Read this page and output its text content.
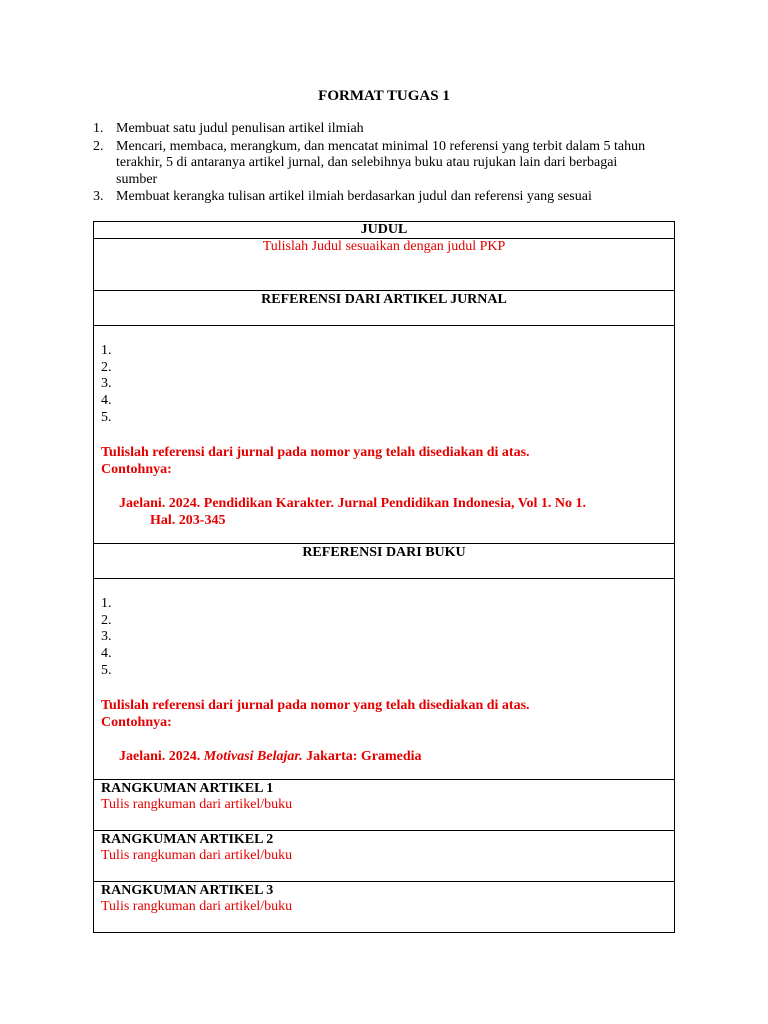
FORMAT TUGAS 1
1. Membuat satu judul penulisan artikel ilmiah
2. Mencari, membaca, merangkum, dan mencatat minimal 10 referensi yang terbit dalam 5 tahun terakhir, 5 di antaranya artikel jurnal, dan selebihnya buku atau rujukan lain dari berbagai sumber
3. Membuat kerangka tulisan artikel ilmiah berdasarkan judul dan referensi yang sesuai
JUDUL
Tulislah Judul sesuaikan dengan judul PKP
REFERENSI DARI ARTIKEL JURNAL

1.
2.
3.
4.
5.
Tulislah referensi dari jurnal pada nomor yang telah disediakan di atas.
Contohnya:
Jaelani. 2024. Pendidikan Karakter. Jurnal Pendidikan Indonesia, Vol 1. No 1.
Hal. 203-345

REFERENSI DARI BUKU

1.
2.
3.
4.
5.
Tulislah referensi dari jurnal pada nomor yang telah disediakan di atas.
Contohnya:
Jaelani. 2024. Motivasi Belajar. Jakarta: Gramedia

RANGKUMAN ARTIKEL 1
Tulis rangkuman dari artikel/buku

RANGKUMAN ARTIKEL 2
Tulis rangkuman dari artikel/buku

RANGKUMAN ARTIKEL 3
Tulis rangkuman dari artikel/buku
